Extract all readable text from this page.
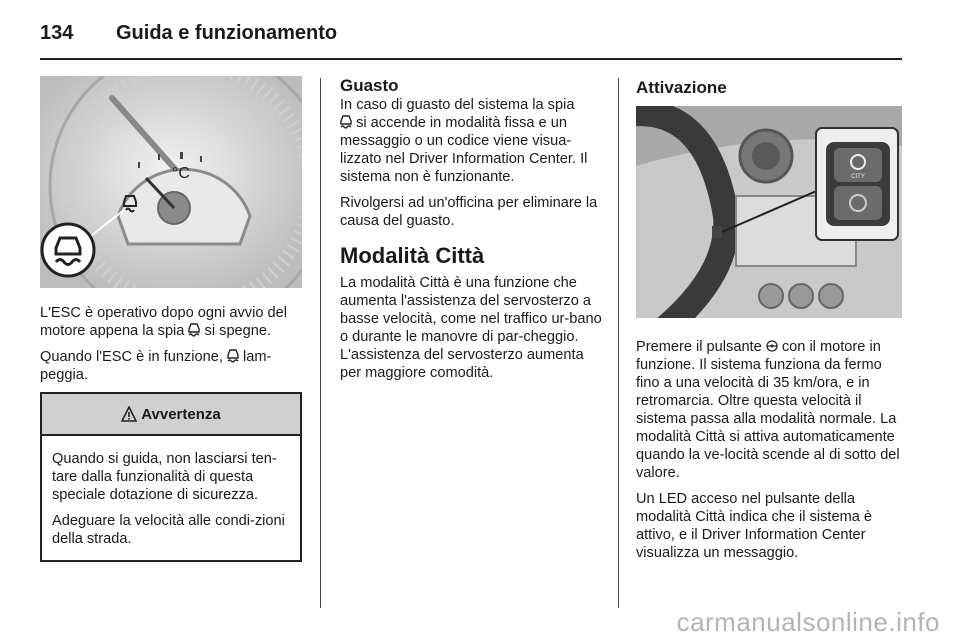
134	Guida e funzionamento
°C

L'ESC è operativo dopo ogni avvio del motore appena la spia si spegne.

Quando l'ESC è in funzione, lam-peggia.

Avvertenza

Quando si guida, non lasciarsi ten-tare dalla funzionalità di questa speciale dotazione di sicurezza.

Adeguare la velocità alle condi-zioni della strada.

Guasto

In caso di guasto del sistema la spia
si accende in modalità fissa e un messaggio o un codice viene visua-lizzato nel Driver Information Center. Il sistema non è funzionante.

Rivolgersi ad un'officina per eliminare la causa del guasto.

Modalità Città

La modalità Città è una funzione che aumenta l'assistenza del servosterzo a basse velocità, come nel traffico ur-bano o durante le manovre di par-cheggio. L'assistenza del servosterzo aumenta per maggiore comodità.

Attivazione
CITY

Premere il pulsante con il motore in funzione. Il sistema funziona da fermo fino a una velocità di 35 km/ora, e in retromarcia. Oltre questa velocità il sistema passa alla modalità normale. La modalità Città si attiva automaticamente quando la ve-locità scende al di sotto del valore.

Un LED acceso nel pulsante della modalità Città indica che il sistema è attivo, e il Driver Information Center visualizza un messaggio.

carmanualsonline.info
